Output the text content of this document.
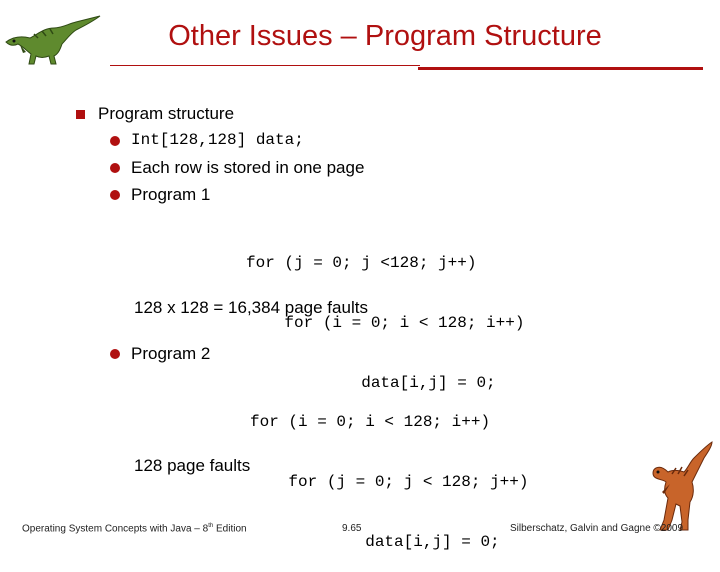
Other Issues – Program Structure
Program structure
Int[128,128] data;
Each row is stored in one page
Program 1

for (j = 0; j <128; j++)

for (i = 0; i < 128; i++)

data[i,j] = 0;

128 x 128 = 16,384 page faults
Program 2

for (i = 0; i < 128; i++)

for (j = 0; j < 128; j++)

data[i,j] = 0;

128 page faults
Operating System Concepts with Java – 8th Edition	9.65	Silberschatz, Galvin and Gagne ©2009
